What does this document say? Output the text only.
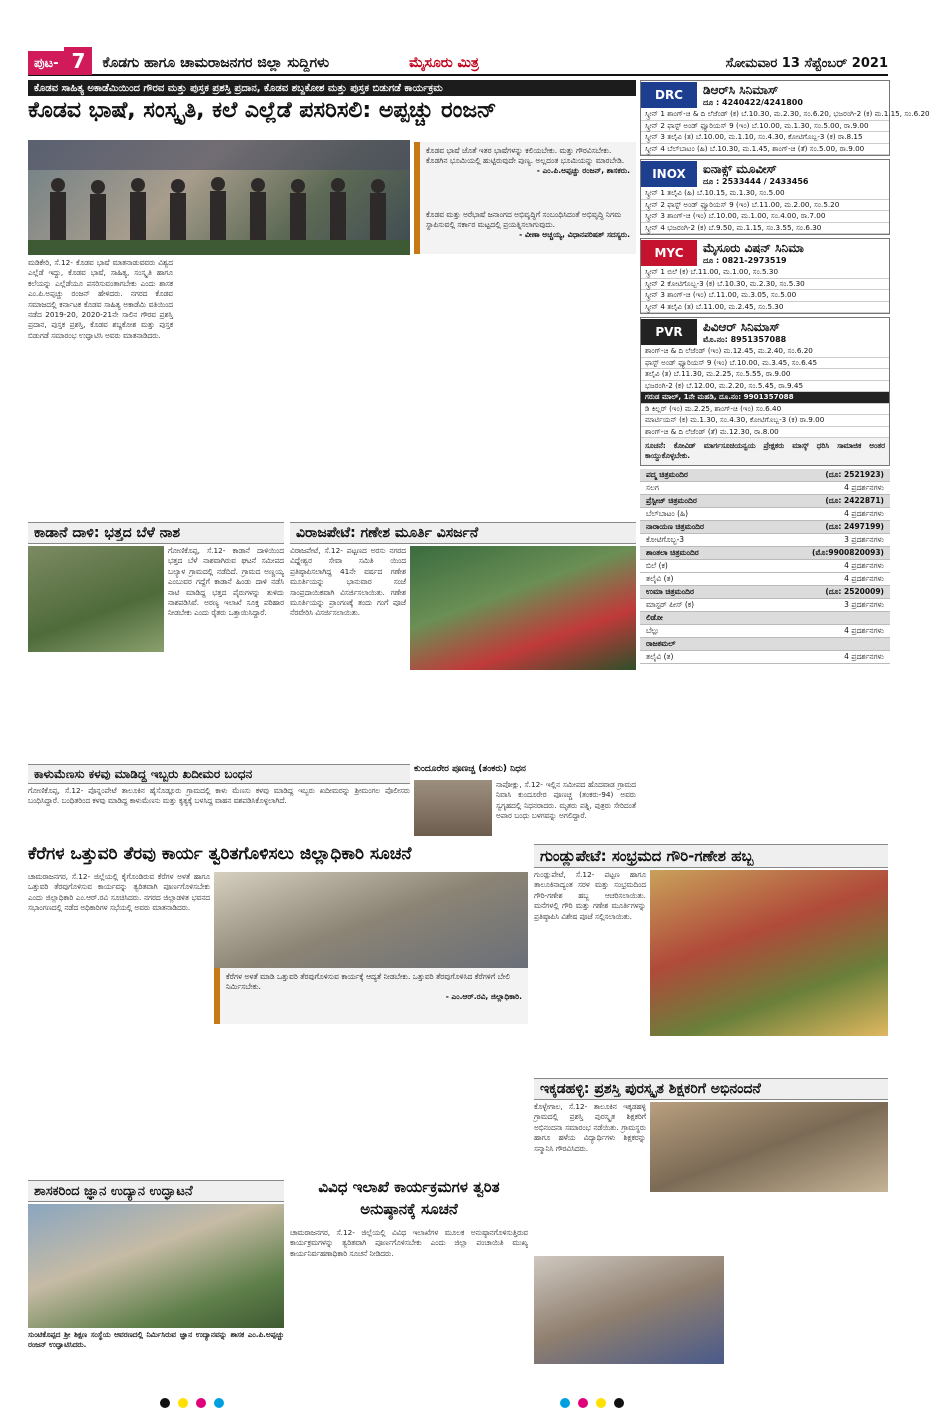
ಪುಟ- 7	ಕೊಡಗು ಹಾಗೂ ಚಾಮರಾಜನಗರ ಜಿಲ್ಲಾ ಸುದ್ದಿಗಳು	ಮೈಸೂರು ಮಿತ್ರ	ಸೋಮವಾರ 13 ಸೆಪ್ಟೆಂಬರ್ 2021
ಕೊಡವ ಸಾಹಿತ್ಯ ಅಕಾಡೆಮಿಯಿಂದ ಗೌರವ ಮತ್ತು ಪುಸ್ತಕ ಪ್ರಶಸ್ತಿ ಪ್ರದಾನ, ಕೊಡವ ಶಬ್ದಕೋಶ ಮತ್ತು ಪುಸ್ತಕ ಬಿಡುಗಡೆ ಕಾರ್ಯಕ್ರಮ
ಕೊಡವ ಭಾಷೆ, ಸಂಸ್ಕೃತಿ, ಕಲೆ ಎಲ್ಲೆಡೆ ಪಸರಿಸಲಿ: ಅಪ್ಪಚ್ಚು ರಂಜನ್
ಕೊಡವ ಭಾಷೆ ಜೊತೆ ಇತರ ಭಾಷೆಗಳನ್ನು ಕಲಿಯಬೇಕು. ಮತ್ತು ಗೌರವಿಸಬೇಕು. ಕೊಡಗಿನ ಭೂಮಿಯಲ್ಲಿ ಹುಟ್ಟಿರುವುದೇ ಪುಣ್ಯ. ಅಲ್ಲದಂತ ಭೂಮಿಯನ್ನು ಮಾರಬೇಡಿ.
- ಎಂ.ಪಿ.ಅಪ್ಪಚ್ಚು ರಂಜನ್, ಶಾಸಕರು.
ಕೊಡವ ಮತ್ತು ಅರೆಭಾಷೆ ಜನಾಂಗದ ಅಭಿವೃದ್ಧಿಗೆ ಸಂಬಂಧಿಸಿದಂತೆ ಅಭಿವೃದ್ಧಿ ನಿಗಮ ಸ್ಥಾಪಿಸುವಲ್ಲಿ ಸರ್ಕಾರ ಮಟ್ಟದಲ್ಲಿ ಪ್ರಯತ್ನಿಸಲಾಗುವುದು.
- ವೀಣಾ ಅಚ್ಚಯ್ಯ, ವಿಧಾನಪರಿಷತ್ ಸದಸ್ಯರು.
ಮಡಿಕೇರಿ, ಸೆ.12- ಕೊಡವ ಭಾಷೆ ಮಾತನಾಡುವವರು ವಿಶ್ವದ ಎಲ್ಲೆಡೆ ಇದ್ದು, ಕೊಡವ ಭಾಷೆ, ಸಾಹಿತ್ಯ, ಸಂಸ್ಕೃತಿ ಹಾಗೂ ಕಲೆಯನ್ನು ಎಲ್ಲೆಡೆಯೂ ಪಸರಿಸುವಂತಾಗಬೇಕು ಎಂದು ಶಾಸಕ ಎಂ.ಪಿ.ಅಪ್ಪಚ್ಚು ರಂಜನ್ ಹೇಳಿದರು. ನಗರದ ಕೊಡವ ಸಮಾಜದಲ್ಲಿ ಕರ್ನಾಟಕ ಕೊಡವ ಸಾಹಿತ್ಯ ಅಕಾಡೆಮಿ ವತಿಯಿಂದ ನಡೆದ 2019-20, 2020-21ನೇ ಸಾಲಿನ ಗೌರವ ಪ್ರಶಸ್ತಿ ಪ್ರದಾನ, ಪುಸ್ತಕ ಪ್ರಶಸ್ತಿ, ಕೊಡವ ಶಬ್ದಕೋಶ ಮತ್ತು ಪುಸ್ತಕ ಬಿಡುಗಡೆ ಸಮಾರಂಭ ಉದ್ಘಾಟಿಸಿ ಅವರು ಮಾತನಾಡಿದರು.
ಕಾಡಾನೆ ದಾಳಿ: ಭತ್ತದ ಬೆಳೆ ನಾಶ
ಗೋಣಿಕೊಪ್ಪ, ಸೆ.12- ಕಾಡಾನೆ ದಾಳಿಯಿಂದ ಭತ್ತದ ಬೆಳೆ ನಾಶವಾಗಿರುವ ಘಟನೆ ಸಮೀಪದ ಬಲ್ಯಾಳ ಗ್ರಾಮದಲ್ಲಿ ನಡೆದಿದೆ. ಗ್ರಾಮದ ಅಣ್ಣಯ್ಯ ಎಂಬುವರ ಗದ್ದೆಗೆ ಕಾಡಾನೆ ಹಿಂಡು ದಾಳಿ ನಡೆಸಿ ನಾಟಿ ಮಾಡಿದ್ದ ಭತ್ತದ ಪೈರುಗಳನ್ನು ತುಳಿದು ನಾಶಪಡಿಸಿವೆ. ಅರಣ್ಯ ಇಲಾಖೆ ಸೂಕ್ತ ಪರಿಹಾರ ನೀಡಬೇಕು ಎಂದು ರೈತರು ಒತ್ತಾಯಿಸಿದ್ದಾರೆ.
ವಿರಾಜಪೇಟೆ: ಗಣೇಶ ಮೂರ್ತಿ ವಿಸರ್ಜನೆ
ವಿರಾಜಪೇಟೆ, ಸೆ.12- ಪಟ್ಟಣದ ಅರಸು ನಗರದ ವಿಧ್ನೇಶ್ವರ ಸೇವಾ ಸಮಿತಿ ಯಿಂದ ಪ್ರತಿಷ್ಠಾಪಿಸಲಾಗಿದ್ದ 41ನೇ ವರ್ಷದ ಗಣೇಶ ಮೂರ್ತಿಯನ್ನು ಭಾನುವಾರ ಸಂಜೆ ಸಾಂಪ್ರದಾಯಿಕವಾಗಿ ವಿಸರ್ಜಿಸಲಾಯಿತು. ಗಣೇಶ ಮೂರ್ತಿಯನ್ನು ಪ್ರಾಂಗಣಕ್ಕೆ ತಂದು ಗಂಗೆ ಪೂಜೆ ನೆರವೇರಿಸಿ ವಿಸರ್ಜಿಸಲಾಯಿತು.
ಕಾಳುಮೆಣಸು ಕಳವು ಮಾಡಿದ್ದ ಇಬ್ಬರು ಖದೀಮರ ಬಂಧನ
ಗೋಣಿಕೊಪ್ಪ, ಸೆ.12- ಪೊನ್ನಂಪೇಟೆ ತಾಲೂಕಿನ ಹೈಸೊಡ್ಲೂರು ಗ್ರಾಮದಲ್ಲಿ ಕಾಳು ಮೆಣಸು ಕಳವು ಮಾಡಿದ್ದ ಇಬ್ಬರು ಖದೀಮರನ್ನು ಶ್ರೀಮಂಗಲ ಪೊಲೀಸರು ಬಂಧಿಸಿದ್ದಾರೆ. ಬಂಧಿತರಿಂದ ಕಳವು ಮಾಡಿದ್ದ ಕಾಳುಮೆಣಸು ಮತ್ತು ಕೃತ್ಯಕ್ಕೆ ಬಳಸಿದ್ದ ವಾಹನ ವಶಪಡಿಸಿಕೊಳ್ಳಲಾಗಿದೆ.
ಕುಂದೂರೇರ ಪೂಣಚ್ಚ (ತಂಕರು) ನಿಧನ
ನಾಪೋಕ್ಲು, ಸೆ.12- ಇಲ್ಲಿನ ಸಮೀಪದ ಹೊದವಾಡ ಗ್ರಾಮದ ನಿವಾಸಿ ಕುಂದೂರೇರ ಪೂಣಚ್ಚ (ತಂಕರು-94) ಅವರು ಸ್ವಗೃಹದಲ್ಲಿ ನಿಧನರಾದರು. ಮೃತರು ಪತ್ನಿ, ಪುತ್ರರು ಸೇರಿದಂತೆ ಅಪಾರ ಬಂಧು ಬಳಗವನ್ನು ಅಗಲಿದ್ದಾರೆ.
ಕೆರೆಗಳ ಒತ್ತುವರಿ ತೆರವು ಕಾರ್ಯ ತ್ವರಿತಗೊಳಿಸಲು ಜಿಲ್ಲಾಧಿಕಾರಿ ಸೂಚನೆ
ಚಾಮರಾಜನಗರ, ಸೆ.12- ಜಿಲ್ಲೆಯಲ್ಲಿ ಕೈಗೊಂಡಿರುವ ಕೆರೆಗಳ ಅಳತೆ ಹಾಗೂ ಒತ್ತುವರಿ ತೆರವುಗೊಳಿಸುವ ಕಾರ್ಯವನ್ನು ತ್ವರಿತವಾಗಿ ಪೂರ್ಣಗೊಳಿಸಬೇಕು ಎಂದು ಜಿಲ್ಲಾಧಿಕಾರಿ ಎಂ.ಆರ್.ರವಿ ಸೂಚಿಸಿದರು. ನಗರದ ಜಿಲ್ಲಾಡಳಿತ ಭವನದ ಸಭಾಂಗಣದಲ್ಲಿ ನಡೆದ ಅಧಿಕಾರಿಗಳ ಸಭೆಯಲ್ಲಿ ಅವರು ಮಾತನಾಡಿದರು.
ಕೆರೆಗಳ ಅಳತೆ ಮಾಡಿ ಒತ್ತುವರಿ ತೆರವುಗೊಳಿಸುವ ಕಾರ್ಯಕ್ಕೆ ಆದ್ಯತೆ ನೀಡಬೇಕು. ಒತ್ತುವರಿ ತೆರವುಗೊಳಿಸಿದ ಕೆರೆಗಳಿಗೆ ಬೇಲಿ ನಿರ್ಮಿಸಬೇಕು.
- ಎಂ.ಆರ್.ರವಿ, ಜಿಲ್ಲಾಧಿಕಾರಿ.
ಗುಂಡ್ಲುಪೇಟೆ: ಸಂಭ್ರಮದ ಗೌರಿ-ಗಣೇಶ ಹಬ್ಬ
ಗುಂಡ್ಲುಪೇಟೆ, ಸೆ.12- ಪಟ್ಟಣ ಹಾಗೂ ತಾಲೂಕಿನಾದ್ಯಂತ ಸರಳ ಮತ್ತು ಸಂಭ್ರಮದಿಂದ ಗೌರಿ-ಗಣೇಶ ಹಬ್ಬ ಆಚರಿಸಲಾಯಿತು. ಮನೆಗಳಲ್ಲಿ ಗೌರಿ ಮತ್ತು ಗಣೇಶ ಮೂರ್ತಿಗಳನ್ನು ಪ್ರತಿಷ್ಠಾಪಿಸಿ ವಿಶೇಷ ಪೂಜೆ ಸಲ್ಲಿಸಲಾಯಿತು.
ಇಕ್ಕಡಹಳ್ಳಿ: ಪ್ರಶಸ್ತಿ ಪುರಸ್ಕೃತ ಶಿಕ್ಷಕರಿಗೆ ಅಭಿನಂದನೆ
ಕೊಳ್ಳೇಗಾಲ, ಸೆ.12- ತಾಲೂಕಿನ ಇಕ್ಕಡಹಳ್ಳಿ ಗ್ರಾಮದಲ್ಲಿ ಪ್ರಶಸ್ತಿ ಪುರಸ್ಕೃತ ಶಿಕ್ಷಕರಿಗೆ ಅಭಿನಂದನಾ ಸಮಾರಂಭ ನಡೆಯಿತು. ಗ್ರಾಮಸ್ಥರು ಹಾಗೂ ಹಳೆಯ ವಿದ್ಯಾರ್ಥಿಗಳು ಶಿಕ್ಷಕರನ್ನು ಸನ್ಮಾನಿಸಿ ಗೌರವಿಸಿದರು.
ಶಾಸಕರಿಂದ ಜ್ಞಾನ ಉದ್ಯಾನ ಉದ್ಘಾಟನೆ
ಸುಂಟಿಕೊಪ್ಪದ ಶ್ರೀ ಶಿಕ್ಷಣ ಸಂಸ್ಥೆಯ ಆವರಣದಲ್ಲಿ ನಿರ್ಮಿಸಿರುವ ಜ್ಞಾನ ಉದ್ಯಾನವನ್ನು ಶಾಸಕ ಎಂ.ಪಿ.ಅಪ್ಪಚ್ಚು ರಂಜನ್ ಉದ್ಘಾಟಿಸಿದರು.
ವಿವಿಧ ಇಲಾಖೆ ಕಾರ್ಯಕ್ರಮಗಳ ತ್ವರಿತ ಅನುಷ್ಠಾನಕ್ಕೆ ಸೂಚನೆ
ಚಾಮರಾಜನಗರ, ಸೆ.12- ಜಿಲ್ಲೆಯಲ್ಲಿ ವಿವಿಧ ಇಲಾಖೆಗಳ ಮೂಲಕ ಅನುಷ್ಠಾನಗೊಳಿಸುತ್ತಿರುವ ಕಾರ್ಯಕ್ರಮಗಳನ್ನು ತ್ವರಿತವಾಗಿ ಪೂರ್ಣಗೊಳಿಸಬೇಕು ಎಂದು ಜಿಲ್ಲಾ ಪಂಚಾಯಿತಿ ಮುಖ್ಯ ಕಾರ್ಯನಿರ್ವಹಣಾಧಿಕಾರಿ ಸೂಚನೆ ನೀಡಿದರು.
DRC	ಡಿಆರ್‌ಸಿ ಸಿನಿಮಾಸ್
ದೂ : 4240422/4241800
ಸ್ಕ್ರೀನ್ 1 ಶಾಂಗ್-ಚಿ & ದಿ ಲೆಜೆಂಡ್ (ಕ) ಬೆ.10.30, ಮ.2.30, ಸಂ.6.20, ಭಜರಂಗಿ-2 (ಕ) ಮ.1.15, ಸಂ.6.20
ಸ್ಕ್ರೀನ್ 2 ಫಾಸ್ಟ್ ಅಂಡ್ ಫ್ಯೂರಿಯಸ್ 9 (ಇಂ) ಬೆ.10.00, ಮ.1.30, ಸಂ.5.00, ರಾ.9.00
ಸ್ಕ್ರೀನ್ 3 ತಲೈವಿ (ತ) ಬೆ.10.00, ಮ.1.10, ಸಂ.4.30, ಕೋಟಿಗೊಬ್ಬ-3 (ಕ) ರಾ.8.15
ಸ್ಕ್ರೀನ್ 4 ಬೆಲ್‌ಬಾಟಂ (ಹಿ) ಬೆ.10.30, ಮ.1.45, ಶಾಂಗ್-ಚಿ (ತೆ) ಸಂ.5.00, ರಾ.9.00
INOX	ಐನಾಕ್ಸ್ ಮೂವೀಸ್
ದೂ : 2533444 / 2433456
ಸ್ಕ್ರೀನ್ 1 ತಲೈವಿ (ಹಿ) ಬೆ.10.15, ಮ.1.30, ಸಂ.5.00
ಸ್ಕ್ರೀನ್ 2 ಫಾಸ್ಟ್ ಅಂಡ್ ಫ್ಯೂರಿಯಸ್ 9 (ಇಂ) ಬೆ.11.00, ಮ.2.00, ಸಂ.5.20
ಸ್ಕ್ರೀನ್ 3 ಶಾಂಗ್-ಚಿ (ಇಂ) ಬೆ.10.00, ಮ.1.00, ಸಂ.4.00, ರಾ.7.00
ಸ್ಕ್ರೀನ್ 4 ಭಜರಂಗಿ-2 (ಕ) ಬೆ.9.50, ಮ.1.15, ಸಂ.3.55, ಸಂ.6.30
MYC	ಮೈಸೂರು ವಿಷನ್ ಸಿನಿಮಾ
ದೂ : 0821-2973519
ಸ್ಕ್ರೀನ್ 1 ಬಿಲೆ (ಕ) ಬೆ.11.00, ಮ.1.00, ಸಂ.5.30
ಸ್ಕ್ರೀನ್ 2 ಕೋಟಿಗೊಬ್ಬ-3 (ಕ) ಬೆ.10.30, ಮ.2.30, ಸಂ.5.30
ಸ್ಕ್ರೀನ್ 3 ಶಾಂಗ್-ಚಿ (ಇಂ) ಬೆ.11.00, ಮ.3.05, ಸಂ.5.00
ಸ್ಕ್ರೀನ್ 4 ತಲೈವಿ (ತ) ಬೆ.11.00, ಮ.2.45, ಸಂ.5.30
PVR	ಪಿವಿಆರ್ ಸಿನಿಮಾಸ್
ಮೊ.ನಂ: 8951357088
ಶಾಂಗ್-ಚಿ & ದಿ ಲೆಜೆಂಡ್ (ಇಂ) ಮ.12.45, ಮ.2.40, ಸಂ.6.20
ಫಾಸ್ಟ್ ಅಂಡ್ ಫ್ಯೂರಿಯಸ್ 9 (ಇಂ) ಬೆ.10.00, ಮ.3.45, ಸಂ.6.45
ತಲೈವಿ (ತ) ಬೆ.11.30, ಮ.2.25, ಸಂ.5.55, ರಾ.9.00
ಭಜರಂಗಿ-2 (ಕ) ಬೆ.12.00, ಮ.2.20, ಸಂ.5.45, ರಾ.9.45
ಗರುಡ ಮಾಲ್, 1ನೇ ಮಹಡಿ, ದೂ.ನಂ: 9901357088
ಡಿ ಕಿಲ್ಲರ್ (ಇಂ) ಮ.2.25, ಶಾಂಗ್-ಚಿ (ಇಂ) ಸಂ.6.40
ಮಾರ್ಟಿಯನ್ (ಕ) ಮ.1.30, ಸಂ.4.30, ಕೋಟಿಗೊಬ್ಬ-3 (ಕ) ರಾ.9.00
ಶಾಂಗ್-ಚಿ & ದಿ ಲೆಜೆಂಡ್ (ತೆ) ಮ.12.30, ರಾ.8.00
ಸೂಚನೆ: ಕೋವಿಡ್ ಮಾರ್ಗಸೂಚಿಯನ್ವಯ ಪ್ರೇಕ್ಷಕರು ಮಾಸ್ಕ್ ಧರಿಸಿ ಸಾಮಾಜಿಕ ಅಂತರ ಕಾಯ್ದುಕೊಳ್ಳಬೇಕು.
ಪದ್ಮ ಚಿತ್ರಮಂದಿರ	(ದೂ: 2521923)
ಸಲಗ	4 ಪ್ರದರ್ಶನಗಳು
ಪ್ರೆಸ್ಟೀಜ್ ಚಿತ್ರಮಂದಿರ	(ದೂ: 2422871)
ಬೆಲ್‌ಬಾಟಂ (ಹಿ)	4 ಪ್ರದರ್ಶನಗಳು
ನಾರಾಯಣ ಚಿತ್ರಮಂದಿರ	(ದೂ: 2497199)
ಕೋಟಿಗೊಬ್ಬ-3	3 ಪ್ರದರ್ಶನಗಳು
ಶಾಂತಲಾ ಚಿತ್ರಮಂದಿರ	(ಮೊ:9900820093)
ಬಿಲೆ (ಕ)	4 ಪ್ರದರ್ಶನಗಳು
ತಲೈವಿ (ತ)	4 ಪ್ರದರ್ಶನಗಳು
ಉಮಾ ಚಿತ್ರಮಂದಿರ	(ದೂ: 2520009)
ಮಾಸ್ಟರ್ ಪೀಸ್ (ಕ)	3 ಪ್ರದರ್ಶನಗಳು
ಲಿಡೋ
ಬೆಲ್ಲು	4 ಪ್ರದರ್ಶನಗಳು
ರಾಜಕಮಲ್
ತಲೈವಿ (ತ)	4 ಪ್ರದರ್ಶನಗಳು
